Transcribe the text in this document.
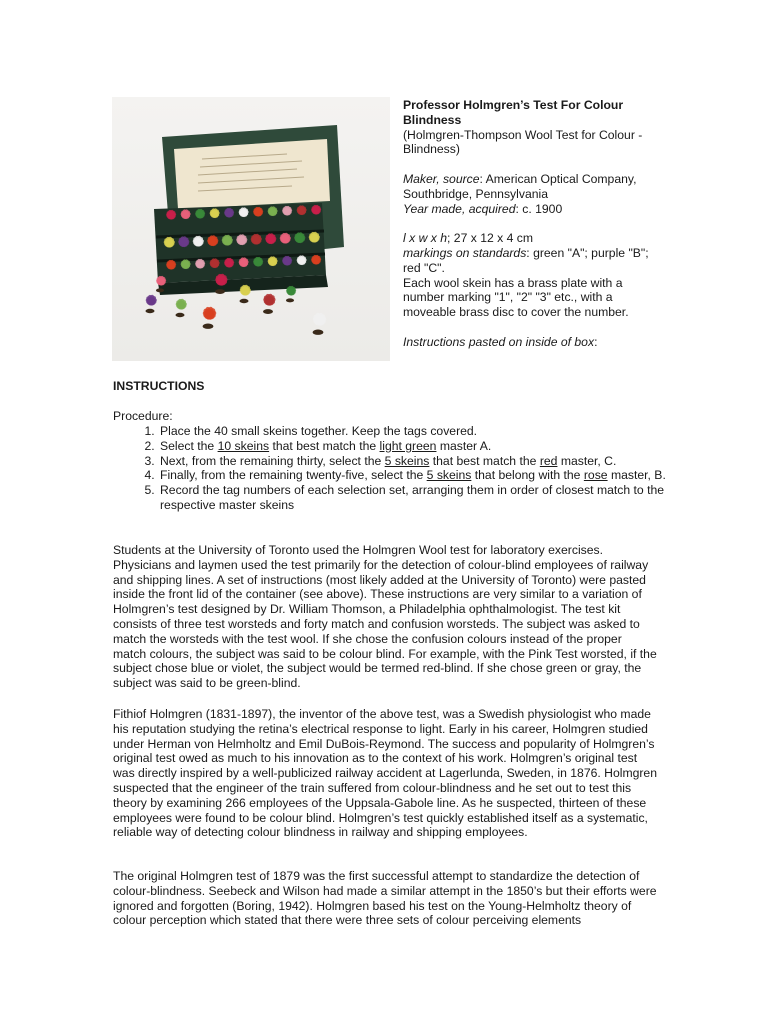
Professor Holmgren’s Test For Colour Blindness

(Holmgren-Thompson Wool Test for Colour - Blindness)

Maker, source: American Optical Company, Southbridge, Pennsylvania

Year made, acquired: c. 1900

l x w x h; 27 x 12 x 4 cm

markings on standards: green "A"; purple "B"; red "C".

Each wool skein has a brass plate with a number marking "1", "2" "3" etc., with a moveable brass disc to cover the number.

Instructions pasted on inside of box:

INSTRUCTIONS
Procedure:
1. Place the 40 small skeins together. Keep the tags covered.
2. Select the 10 skeins that best match the light green master A.
3. Next, from the remaining thirty, select the 5 skeins that best match the red master, C.
4. Finally, from the remaining twenty-five, select the 5 skeins that belong with the rose master, B.
5. Record the tag numbers of each selection set, arranging them in order of closest match to the respective master skeins

Students at the University of Toronto used the Holmgren Wool test for laboratory exercises. Physicians and laymen used the test primarily for the detection of colour-blind employees of railway and shipping lines. A set of instructions (most likely added at the University of Toronto) were pasted inside the front lid of the container (see above). These instructions are very similar to a variation of Holmgren’s test designed by Dr. William Thomson, a Philadelphia ophthalmologist. The test kit consists of three test worsteds and forty match and confusion worsteds. The subject was asked to match the worsteds with the test wool. If she chose the confusion colours instead of the proper match colours, the subject was said to be colour blind. For example, with the Pink Test worsted, if the subject chose blue or violet, the subject would be termed red-blind. If she chose green or gray, the subject was said to be green-blind.

Fithiof Holmgren (1831-1897), the inventor of the above test, was a Swedish physiologist who made his reputation studying the retina’s electrical response to light. Early in his career, Holmgren studied under Herman von Helmholtz and Emil DuBois-Reymond. The success and popularity of Holmgren’s original test owed as much to his innovation as to the context of his work. Holmgren’s original test was directly inspired by a well-publicized railway accident at Lagerlunda, Sweden, in 1876. Holmgren suspected that the engineer of the train suffered from colour-blindness and he set out to test this theory by examining 266 employees of the Uppsala-Gabole line. As he suspected, thirteen of these employees were found to be colour blind. Holmgren’s test quickly established itself as a systematic, reliable way of detecting colour blindness in railway and shipping employees.

The original Holmgren test of 1879 was the first successful attempt to standardize the detection of colour-blindness. Seebeck and Wilson had made a similar attempt in the 1850’s but their efforts were ignored and forgotten (Boring, 1942). Holmgren based his test on the Young-Helmholtz theory of colour perception which stated that there were three sets of colour perceiving elements
